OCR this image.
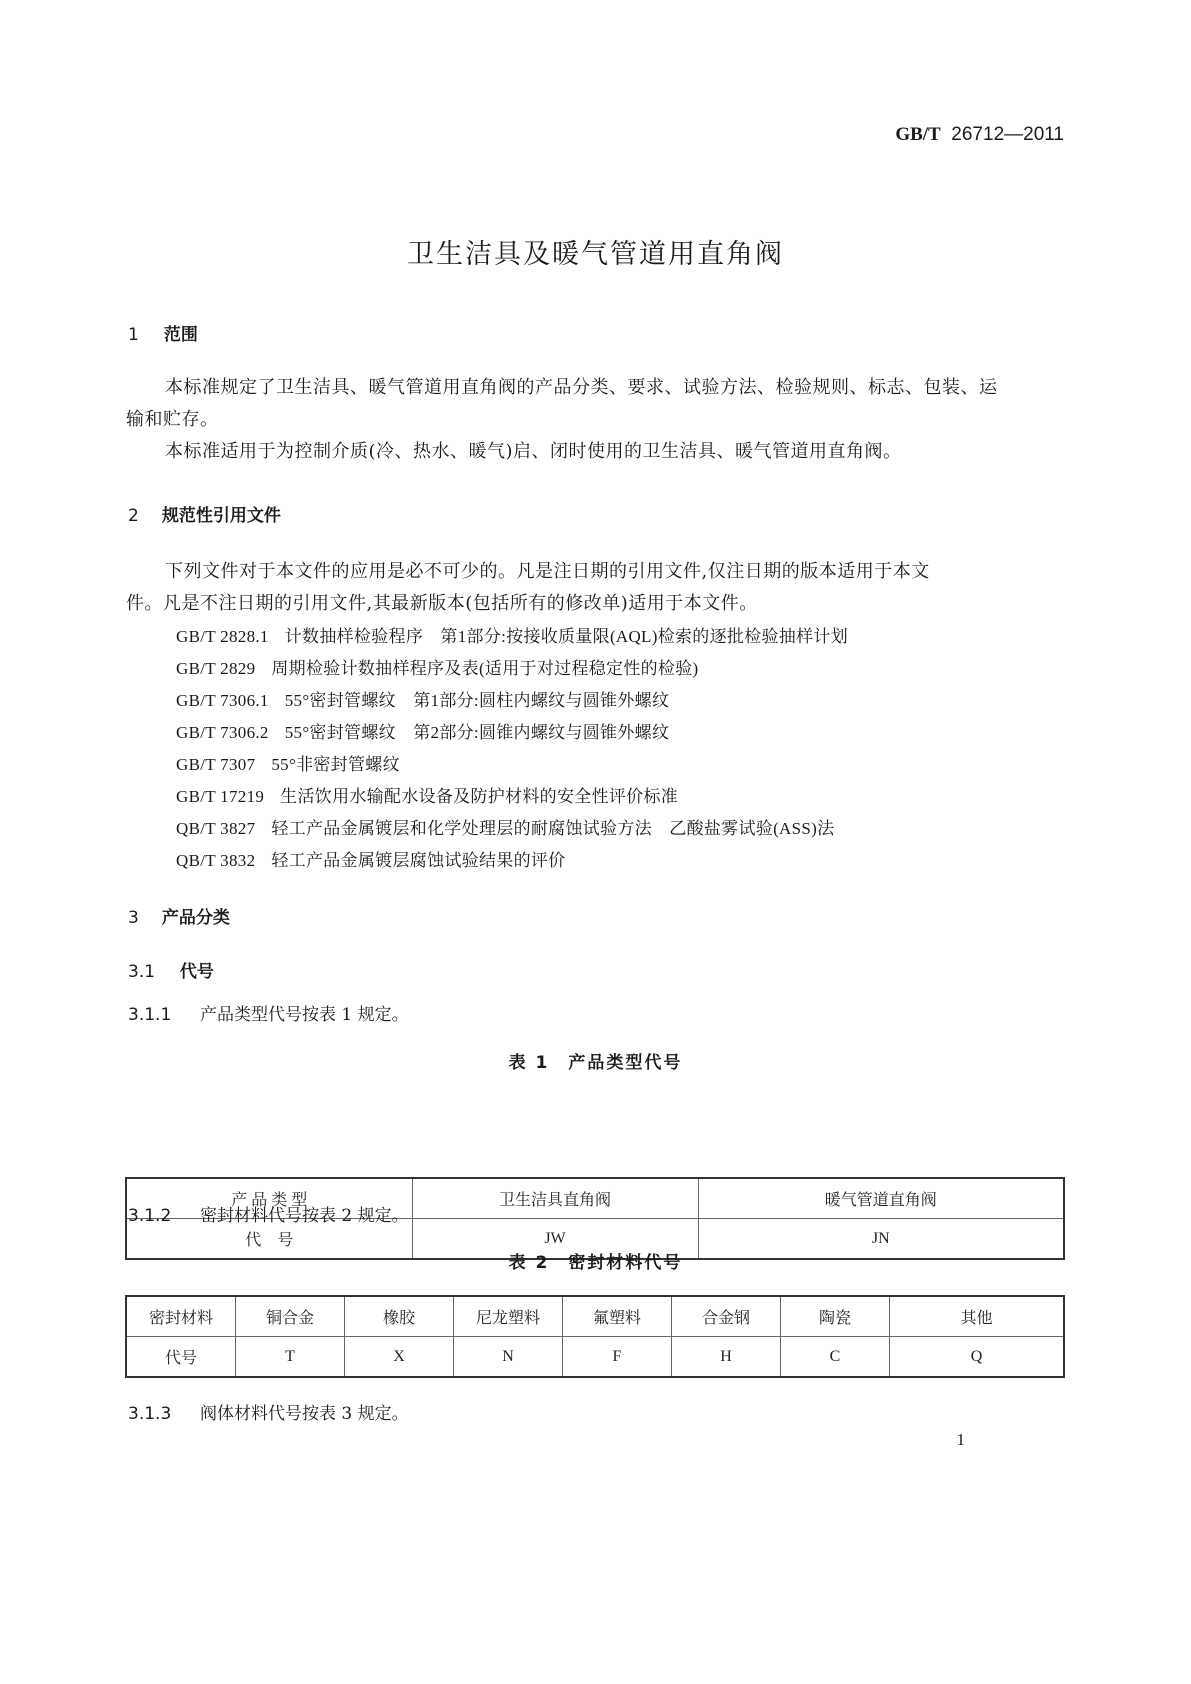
GB/T 26712—2011
卫生洁具及暖气管道用直角阀
1 范围
本标准规定了卫生洁具、暖气管道用直角阀的产品分类、要求、试验方法、检验规则、标志、包装、运
输和贮存。
本标准适用于为控制介质(冷、热水、暖气)启、闭时使用的卫生洁具、暖气管道用直角阀。
2 规范性引用文件
下列文件对于本文件的应用是必不可少的。凡是注日期的引用文件,仅注日期的版本适用于本文
件。凡是不注日期的引用文件,其最新版本(包括所有的修改单)适用于本文件。
GB/T 2828.1 计数抽样检验程序　第1部分:按接收质量限(AQL)检索的逐批检验抽样计划
GB/T 2829 周期检验计数抽样程序及表(适用于对过程稳定性的检验)
GB/T 7306.1 55°密封管螺纹　第1部分:圆柱内螺纹与圆锥外螺纹
GB/T 7306.2 55°密封管螺纹　第2部分:圆锥内螺纹与圆锥外螺纹
GB/T 7307 55°非密封管螺纹
GB/T 17219 生活饮用水输配水设备及防护材料的安全性评价标准
QB/T 3827 轻工产品金属镀层和化学处理层的耐腐蚀试验方法　乙酸盐雾试验(ASS)法
QB/T 3832 轻工产品金属镀层腐蚀试验结果的评价
3 产品分类
3.1 代号
3.1.1 产品类型代号按表 1 规定。
表 1　产品类型代号
产 品 类 型	卫生洁具直角阀	暖气管道直角阀
代　号	JW	JN
3.1.2 密封材料代号按表 2 规定。
表 2　密封材料代号
密封材料	铜合金	橡胶	尼龙塑料	氟塑料	合金钢	陶瓷	其他
代号	T	X	N	F	H	C	Q
3.1.3 阀体材料代号按表 3 规定。
1
